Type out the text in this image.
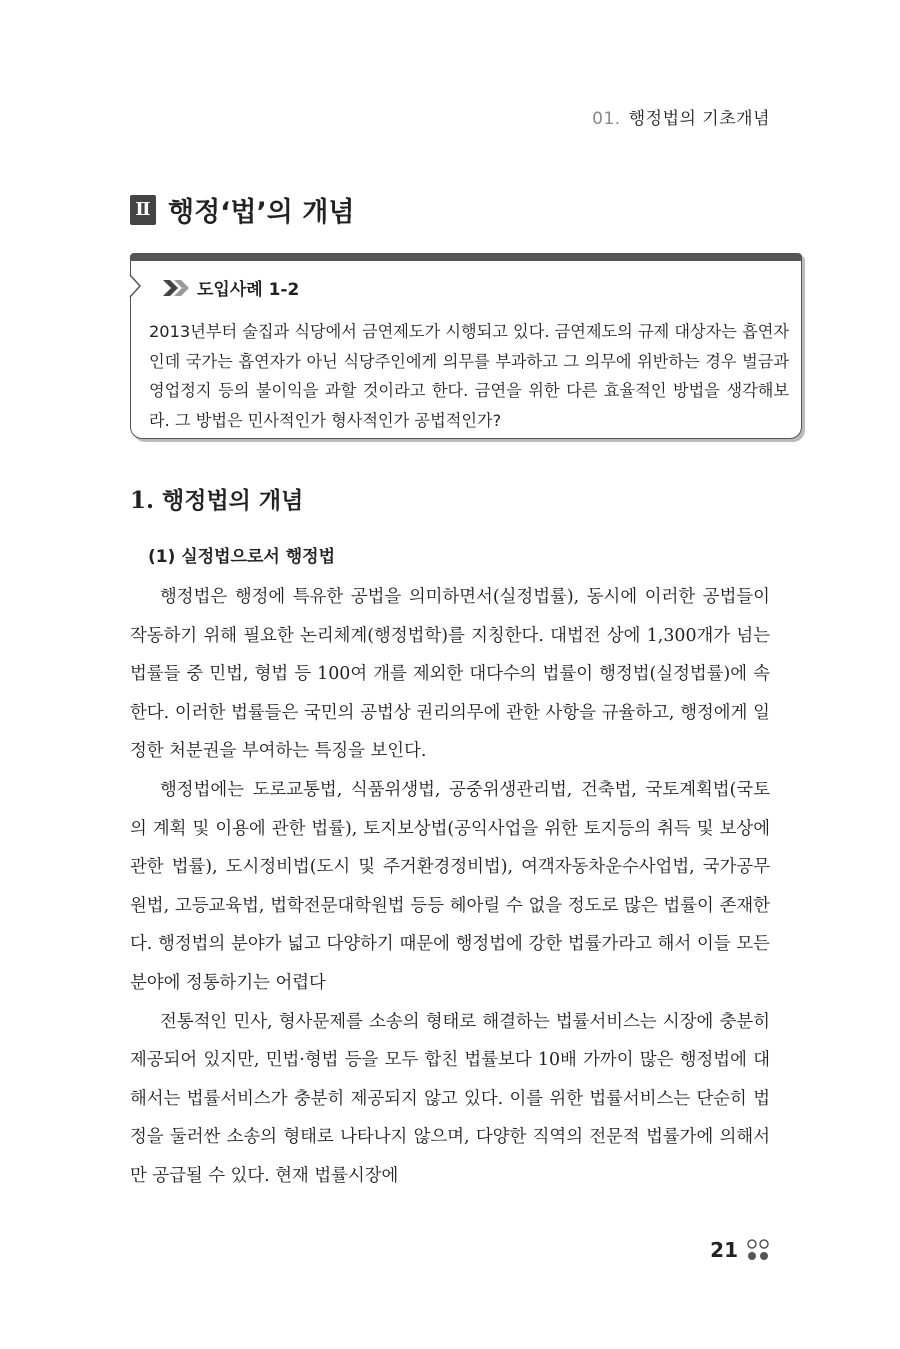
01. 행정법의 기초개념
Ⅱ 행정‘법’의 개념
도입사례 1-2
2013년부터 술집과 식당에서 금연제도가 시행되고 있다. 금연제도의 규제 대상자는 흡연자인데 국가는 흡연자가 아닌 식당주인에게 의무를 부과하고 그 의무에 위반하는 경우 벌금과 영업정지 등의 불이익을 과할 것이라고 한다. 금연을 위한 다른 효율적인 방법을 생각해보라. 그 방법은 민사적인가 형사적인가 공법적인가?
1. 행정법의 개념
(1) 실정법으로서 행정법

행정법은 행정에 특유한 공법을 의미하면서(실정법률), 동시에 이러한 공법들이 작동하기 위해 필요한 논리체계(행정법학)를 지칭한다. 대법전 상에 1,300개가 넘는 법률들 중 민법, 형법 등 100여 개를 제외한 대다수의 법률이 행정법(실정법률)에 속한다. 이러한 법률들은 국민의 공법상 권리의무에 관한 사항을 규율하고, 행정에게 일정한 처분권을 부여하는 특징을 보인다.

행정법에는 도로교통법, 식품위생법, 공중위생관리법, 건축법, 국토계획법(국토의 계획 및 이용에 관한 법률), 토지보상법(공익사업을 위한 토지등의 취득 및 보상에 관한 법률), 도시정비법(도시 및 주거환경정비법), 여객자동차운수사업법, 국가공무원법, 고등교육법, 법학전문대학원법 등등 헤아릴 수 없을 정도로 많은 법률이 존재한다. 행정법의 분야가 넓고 다양하기 때문에 행정법에 강한 법률가라고 해서 이들 모든 분야에 정통하기는 어렵다

전통적인 민사, 형사문제를 소송의 형태로 해결하는 법률서비스는 시장에 충분히 제공되어 있지만, 민법·형법 등을 모두 합친 법률보다 10배 가까이 많은 행정법에 대해서는 법률서비스가 충분히 제공되지 않고 있다. 이를 위한 법률서비스는 단순히 법정을 둘러싼 소송의 형태로 나타나지 않으며, 다양한 직역의 전문적 법률가에 의해서만 공급될 수 있다. 현재 법률시장에

21
